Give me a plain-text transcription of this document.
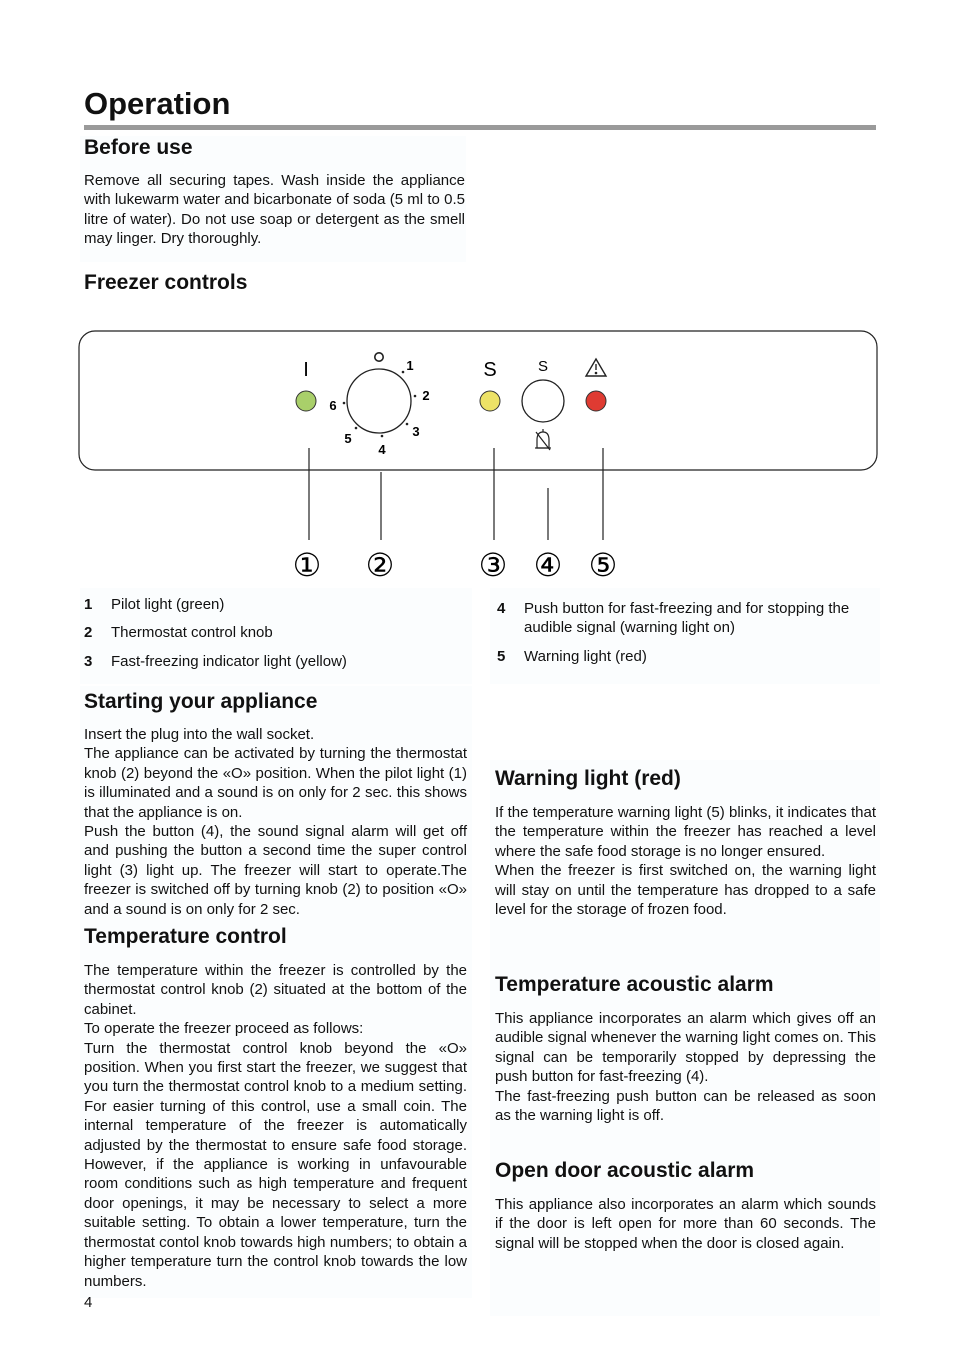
Operation
Before use

Remove all securing tapes. Wash inside the appliance with lukewarm water and bicarbonate of soda (5 ml to 0.5 litre of water). Do not use soap or detergent as the smell may linger. Dry thoroughly.

Freezer controls
I	1
2
3
4
5
6
S	S
① ②	③ ④ ⑤
1 Pilot light (green)
2 Thermostat control knob
3 Fast-freezing indicator light (yellow)
4 Push button for fast-freezing and for stopping the audible signal (warning light on)
5 Warning light (red)
Starting your appliance

Insert the plug into the wall socket.

The appliance can be activated by turning the thermostat knob (2) beyond the «O» position. When the pilot light (1) is illuminated and a sound is on only for 2 sec. this shows that the appliance is on.

Push the button (4), the sound signal alarm will get off and pushing the button a second time the super control light (3) light up. The freezer will start to operate.The freezer is switched off by turning knob (2) to position «O» and a sound is on only for 2 sec.

Temperature control

The temperature within the freezer is controlled by the thermostat control knob (2) situated at the bottom of the cabinet.

To operate the freezer proceed as follows:

Turn the thermostat control knob beyond the «O» position. When you first start the freezer, we suggest that you turn the thermostat control knob to a medium setting. For easier turning of this control, use a small coin. The internal temperature of the freezer is automatically adjusted by the thermostat to ensure safe food storage. However, if the appliance is working in unfavourable room conditions such as high temperature and frequent door openings, it may be necessary to select a more suitable setting. To obtain a lower temperature, turn the thermostat contol knob towards high numbers; to obtain a higher temperature turn the control knob towards the low numbers.

Warning light (red)

If the temperature warning light (5) blinks, it indicates that the temperature within the freezer has reached a level where the safe food storage is no longer ensured.

When the freezer is first switched on, the warning light will stay on until the temperature has dropped to a safe level for the storage of frozen food.

Temperature acoustic alarm

This appliance incorporates an alarm which gives off an audible signal whenever the warning light comes on. This signal can be temporarily stopped by depressing the push button for fast-freezing (4).

The fast-freezing push button can be released as soon as the warning light is off.

Open door acoustic alarm

This appliance also incorporates an alarm which sounds if the door is left open for more than 60 seconds. The signal will be stopped when the door is closed again.

4
